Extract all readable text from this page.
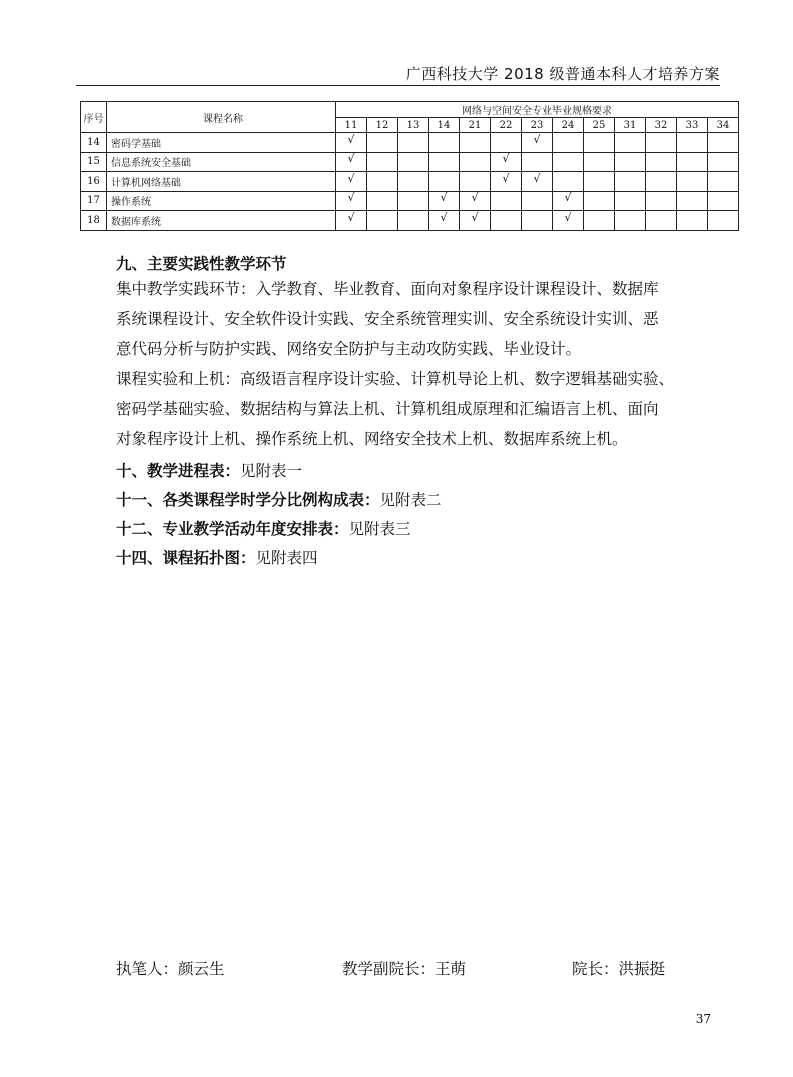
广西科技大学 2018 级普通本科人才培养方案
序号	课程名称	网络与空间安全专业毕业规格要求												
		11	12	13	14	21	22	23	24	25	31	32	33	34
14	密码学基础	√						√						
15	信息系统安全基础	√					√							
16	计算机网络基础	√					√	√						
17	操作系统	√			√	√			√					
18	数据库系统	√			√	√			√					
九、主要实践性教学环节
集中教学实践环节：入学教育、毕业教育、面向对象程序设计课程设计、数据库
系统课程设计、安全软件设计实践、安全系统管理实训、安全系统设计实训、恶
意代码分析与防护实践、网络安全防护与主动攻防实践、毕业设计。
课程实验和上机：高级语言程序设计实验、计算机导论上机、数字逻辑基础实验、
密码学基础实验、数据结构与算法上机、计算机组成原理和汇编语言上机、面向
对象程序设计上机、操作系统上机、网络安全技术上机、数据库系统上机。
十、教学进程表：见附表一
十一、各类课程学时学分比例构成表：见附表二
十二、专业教学活动年度安排表：见附表三
十四、课程拓扑图：见附表四
执笔人：颜云生	教学副院长：王萌	院长：洪振挺
37
